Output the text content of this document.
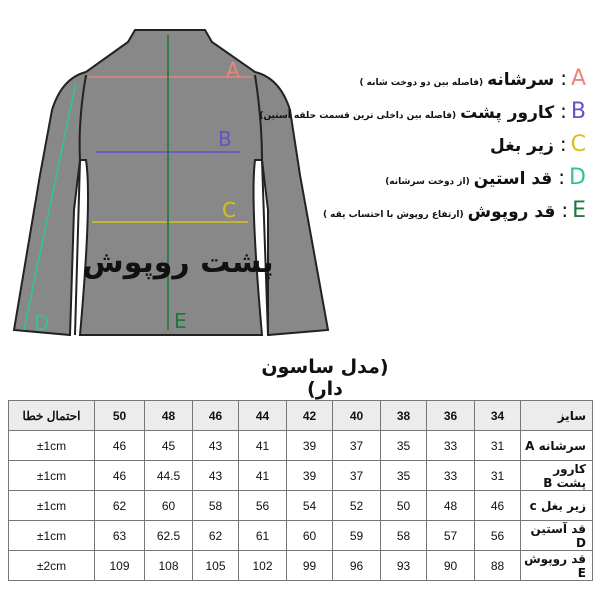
A
B
C
D	E
پشت روپوش
A
:
سرشانه
(فاصله بین دو دوخت شانه )
B
:
کارور پشت
(فاصله بین داخلی ترین قسمت حلقه آستین)
C
:
زیر بغل
D
:
قد استین
(از دوخت سرشانه)
E
:
قد روپوش
(ارتفاع روپوش با احتساب یقه )
(مدل ساسون دار)
احتمال خطا	50	48	46	44	42	40	38	36	34	سایز
±1cm	46	45	43	41	39	37	35	33	31	سرشانه A
±1cm	46	44.5	43	41	39	37	35	33	31	کارور پشت B
±1cm	62	60	58	56	54	52	50	48	46	زیر بغل c
±1cm	63	62.5	62	61	60	59	58	57	56	قد آستین D
±2cm	109	108	105	102	99	96	93	90	88	قد روپوش E
